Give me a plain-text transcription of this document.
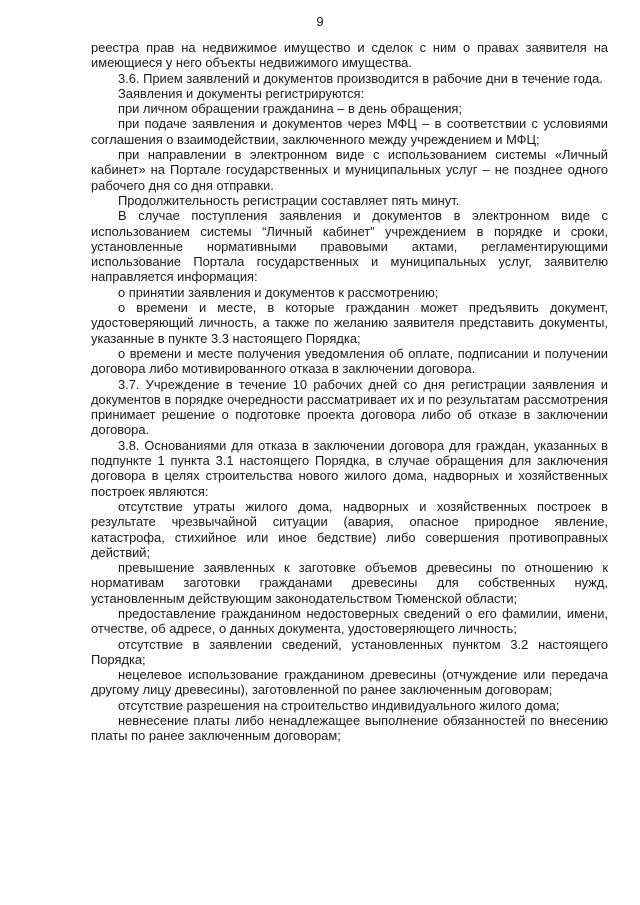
9

реестра прав на недвижимое имущество и сделок с ним о правах заявителя на имеющиеся у него объекты недвижимого имущества.

3.6. Прием заявлений и документов производится в рабочие дни в течение года.

Заявления и документы регистрируются:

при личном обращении гражданина – в день обращения;

при подаче заявления и документов через МФЦ – в соответствии с условиями соглашения о взаимодействии, заключенного между учреждением и МФЦ;

при направлении в электронном виде с использованием системы «Личный кабинет» на Портале государственных и муниципальных услуг – не позднее одного рабочего дня со дня отправки.

Продолжительность регистрации составляет пять минут.

В случае поступления заявления и документов в электронном виде с использованием системы “Личный кабинет” учреждением в порядке и сроки, установленные нормативными правовыми актами, регламентирующими использование Портала государственных и муниципальных услуг, заявителю направляется информация:

о принятии заявления и документов к рассмотрению;

о времени и месте, в которые гражданин может предъявить документ, удостоверяющий личность, а также по желанию заявителя представить документы, указанные в пункте 3.3 настоящего Порядка;

о времени и месте получения уведомления об оплате, подписании и получении договора либо мотивированного отказа в заключении договора.

3.7. Учреждение в течение 10 рабочих дней со дня регистрации заявления и документов в порядке очередности рассматривает их и по результатам рассмотрения принимает решение о подготовке проекта договора либо об отказе в заключении договора.

3.8. Основаниями для отказа в заключении договора для граждан, указанных в подпункте 1 пункта 3.1 настоящего Порядка, в случае обращения для заключения договора в целях строительства нового жилого дома, надворных и хозяйственных построек являются:

отсутствие утраты жилого дома, надворных и хозяйственных построек в результате чрезвычайной ситуации (авария, опасное природное явление, катастрофа, стихийное или иное бедствие) либо совершения противоправных действий;

превышение заявленных к заготовке объемов древесины по отношению к нормативам заготовки гражданами древесины для собственных нужд, установленным действующим законодательством Тюменской области;

предоставление гражданином недостоверных сведений о его фамилии, имени, отчестве, об адресе, о данных документа, удостоверяющего личность;

отсутствие в заявлении сведений, установленных пунктом 3.2 настоящего Порядка;

нецелевое использование гражданином древесины (отчуждение или передача другому лицу древесины), заготовленной по ранее заключенным договорам;

отсутствие разрешения на строительство индивидуального жилого дома;

невнесение платы либо ненадлежащее выполнение обязанностей по внесению платы по ранее заключенным договорам;
